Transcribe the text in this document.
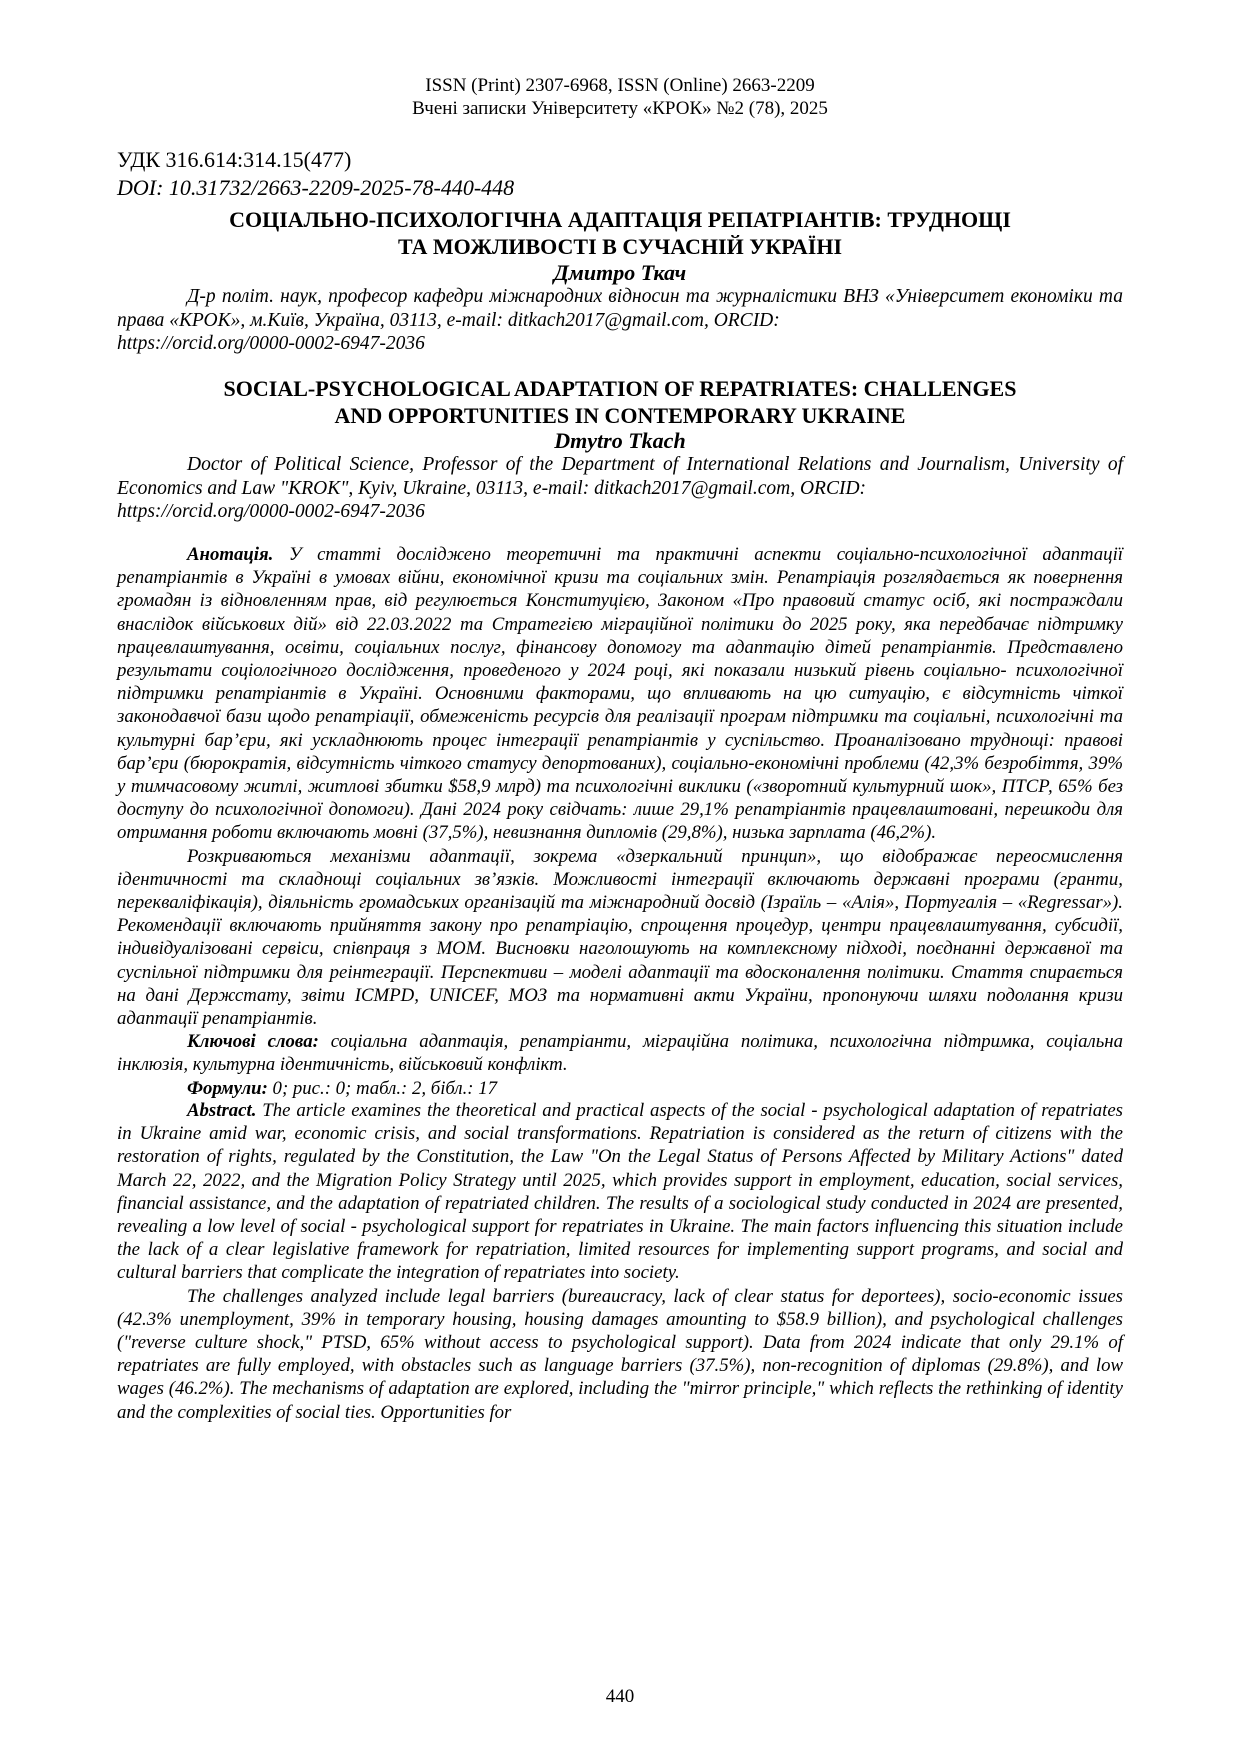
ISSN (Print) 2307-6968, ISSN (Online) 2663-2209
Вчені записки Університету «КРОК» №2 (78), 2025
УДК 316.614:314.15(477)
DOI: 10.31732/2663-2209-2025-78-440-448
СОЦІАЛЬНО-ПСИХОЛОГІЧНА АДАПТАЦІЯ РЕПАТРІАНТІВ: ТРУДНОЩІ
ТА МОЖЛИВОСТІ В СУЧАСНІЙ УКРАЇНІ
Дмитро Ткач
Д-р політ. наук, професор кафедри міжнародних відносин та журналістики ВНЗ «Університет економіки та права «КРОК», м.Київ, Україна, 03113, e-mail: ditkach2017@gmail.com, ORCID:
https://orcid.org/0000-0002-6947-2036
SOCIAL-PSYCHOLOGICAL ADAPTATION OF REPATRIATES: CHALLENGES
AND OPPORTUNITIES IN CONTEMPORARY UKRAINE
Dmytro Tkach
Doctor of Political Science, Professor of the Department of International Relations and Journalism, University of Economics and Law "KROK", Kyiv, Ukraine, 03113, e-mail: ditkach2017@gmail.com, ORCID:
https://orcid.org/0000-0002-6947-2036

Анотація. У статті досліджено теоретичні та практичні аспекти соціально-психологічної адаптації репатріантів в Україні в умовах війни, економічної кризи та соціальних змін. Репатріація розглядається як повернення громадян із відновленням прав, від регулюється Конституцією, Законом «Про правовий статус осіб, які постраждали внаслідок військових дій» від 22.03.2022 та Стратегією міграційної політики до 2025 року, яка передбачає підтримку працевлаштування, освіти, соціальних послуг, фінансову допомогу та адаптацію дітей репатріантів. Представлено результати соціологічного дослідження, проведеного у 2024 році, які показали низький рівень соціально- психологічної підтримки репатріантів в Україні. Основними факторами, що впливають на цю ситуацію, є відсутність чіткої законодавчої бази щодо репатріації, обмеженість ресурсів для реалізації програм підтримки та соціальні, психологічні та культурні бар’єри, які ускладнюють процес інтеграції репатріантів у суспільство. Проаналізовано труднощі: правові бар’єри (бюрократія, відсутність чіткого статусу депортованих), соціально-економічні проблеми (42,3% безробіття, 39% у тимчасовому житлі, житлові збитки $58,9 млрд) та психологічні виклики («зворотний культурний шок», ПТСР, 65% без доступу до психологічної допомоги). Дані 2024 року свідчать: лише 29,1% репатріантів працевлаштовані, перешкоди для отримання роботи включають мовні (37,5%), невизнання дипломів (29,8%), низька зарплата (46,2%).

Розкриваються механізми адаптації, зокрема «дзеркальний принцип», що відображає переосмислення ідентичності та складнощі соціальних зв’язків. Можливості інтеграції включають державні програми (гранти, перекваліфікація), діяльність громадських організацій та міжнародний досвід (Ізраїль – «Алія», Португалія – «Regressar»). Рекомендації включають прийняття закону про репатріацію, спрощення процедур, центри працевлаштування, субсидії, індивідуалізовані сервіси, співпраця з МОМ. Висновки наголошують на комплексному підході, поєднанні державної та суспільної підтримки для реінтеграції. Перспективи – моделі адаптації та вдосконалення політики. Стаття спирається на дані Держстату, звіти ICMPD, UNICEF, МОЗ та нормативні акти України, пропонуючи шляхи подолання кризи адаптації репатріантів.

Ключові слова: соціальна адаптація, репатріанти, міграційна політика, психологічна підтримка, соціальна інклюзія, культурна ідентичність, військовий конфлікт.

Формули: 0; рис.: 0; табл.: 2, бібл.: 17

Abstract. The article examines the theoretical and practical aspects of the social - psychological adaptation of repatriates in Ukraine amid war, economic crisis, and social transformations. Repatriation is considered as the return of citizens with the restoration of rights, regulated by the Constitution, the Law "On the Legal Status of Persons Affected by Military Actions" dated March 22, 2022, and the Migration Policy Strategy until 2025, which provides support in employment, education, social services, financial assistance, and the adaptation of repatriated children. The results of a sociological study conducted in 2024 are presented, revealing a low level of social - psychological support for repatriates in Ukraine. The main factors influencing this situation include the lack of a clear legislative framework for repatriation, limited resources for implementing support programs, and social and cultural barriers that complicate the integration of repatriates into society.

The challenges analyzed include legal barriers (bureaucracy, lack of clear status for deportees), socio-economic issues (42.3% unemployment, 39% in temporary housing, housing damages amounting to $58.9 billion), and psychological challenges ("reverse culture shock," PTSD, 65% without access to psychological support). Data from 2024 indicate that only 29.1% of repatriates are fully employed, with obstacles such as language barriers (37.5%), non-recognition of diplomas (29.8%), and low wages (46.2%). The mechanisms of adaptation are explored, including the "mirror principle," which reflects the rethinking of identity and the complexities of social ties. Opportunities for

440
